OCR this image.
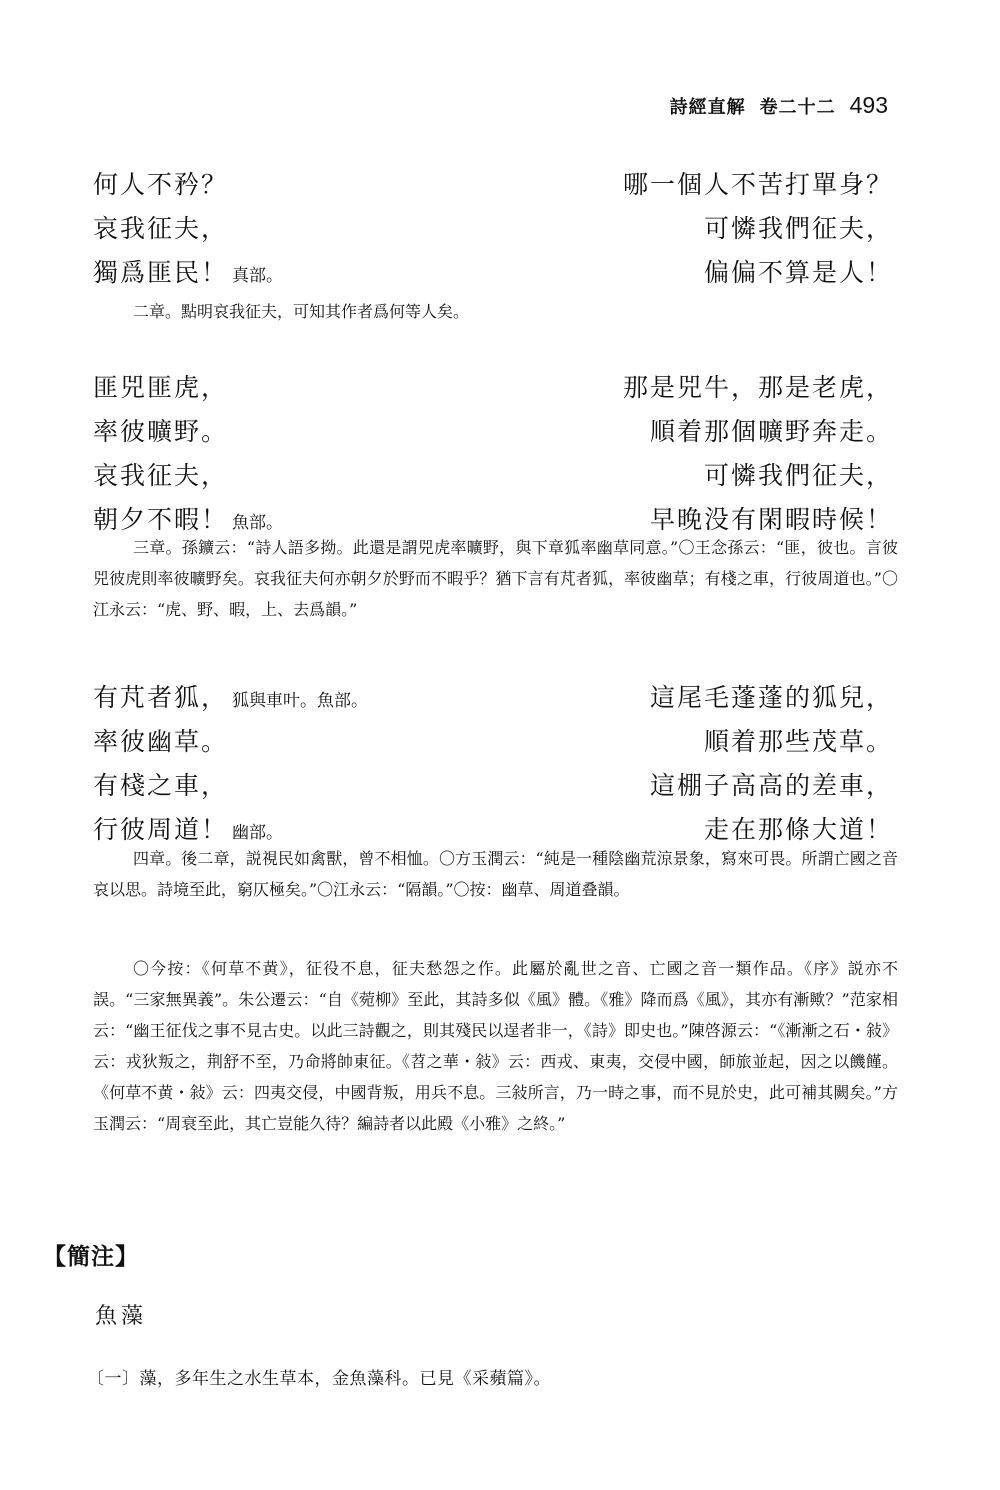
詩經直解 卷二十二 493
何人不矜？	哪一個人不苦打單身？
哀我征夫，	可憐我們征夫，
獨爲匪民！ 真部。	偏偏不算是人！

二章。點明哀我征夫，可知其作者爲何等人矣。

匪兕匪虎，	那是兕牛，那是老虎，
率彼曠野。	順着那個曠野奔走。
哀我征夫，	可憐我們征夫，
朝夕不暇！ 魚部。	早晚没有閑暇時候！

三章。孫鑛云：“詩人語多拗。此還是謂兕虎率曠野，與下章狐率幽草同意。”〇王念孫云：“匪，彼也。言彼兕彼虎則率彼曠野矣。哀我征夫何亦朝夕於野而不暇乎？猶下言有芃者狐，率彼幽草；有棧之車，行彼周道也。”〇江永云：“虎、野、暇，上、去爲韻。”

有芃者狐， 狐與車叶。魚部。	這尾毛蓬蓬的狐兒，
率彼幽草。	順着那些茂草。
有棧之車，	這棚子高高的差車，
行彼周道！ 幽部。	走在那條大道！

四章。後二章，説視民如禽獸，曾不相恤。〇方玉潤云：“純是一種陰幽荒涼景象，寫來可畏。所謂亡國之音哀以思。詩境至此，窮仄極矣。”〇江永云：“隔韻。”〇按：幽草、周道叠韻。

〇今按：《何草不黄》，征役不息，征夫愁怨之作。此屬於亂世之音、亡國之音一類作品。《序》説亦不誤。“三家無異義”。朱公遷云：“自《菀柳》至此，其詩多似《風》體。《雅》降而爲《風》，其亦有漸歟？”范家相云：“幽王征伐之事不見古史。以此三詩觀之，則其殘民以逞者非一，《詩》即史也。”陳啓源云：“《漸漸之石・敍》云：戎狄叛之，荆舒不至，乃命將帥東征。《苕之華・敍》云：西戎、東夷，交侵中國，師旅並起，因之以饑饉。《何草不黄・敍》云：四夷交侵，中國背叛，用兵不息。三敍所言，乃一時之事，而不見於史，此可補其闕矣。”方玉潤云：“周衰至此，其亡豈能久待？編詩者以此殿《小雅》之終。”

【簡注】
魚藻
〔一〕藻，多年生之水生草本，金魚藻科。已見《采蘋篇》。
